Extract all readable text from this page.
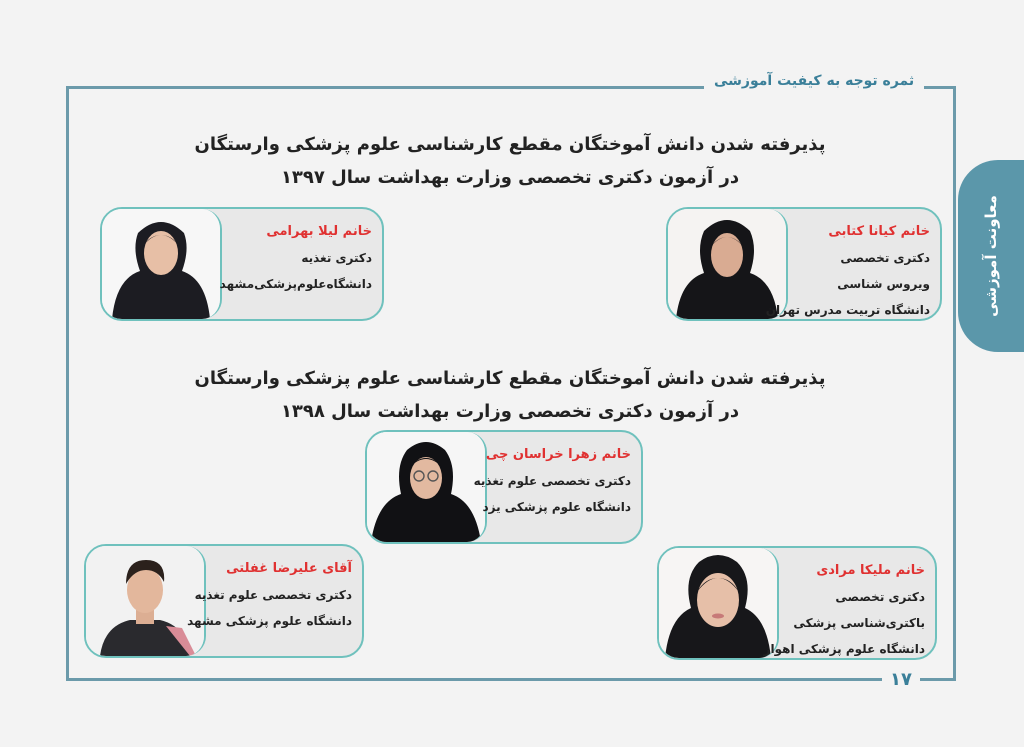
ثمره توجه به کیفیت آموزشی
۱۷
معاونت آموزشی
پذیرفته شدن دانش آموختگان مقطع کارشناسی علوم پزشکی وارستگان
در آزمون دکتری تخصصی وزارت بهداشت سال ۱۳۹۷
پذیرفته شدن دانش آموختگان مقطع کارشناسی علوم پزشکی وارستگان
در آزمون دکتری تخصصی وزارت بهداشت سال ۱۳۹۸
خانم لیلا بهرامی
دکتری تغذیه
دانشگاه‌علوم‌پزشکی‌مشهد
خانم کیانا کتابی
دکتری تخصصی
ویروس شناسی
دانشگاه تربیت مدرس تهران
خانم زهرا خراسان چی
دکتری تخصصی علوم تغذیه
دانشگاه علوم پزشکی یزد
آقای علیرضا غفلتی
دکتری تخصصی علوم تغذیه
دانشگاه علوم پزشکی مشهد
خانم ملیکا مرادی
دکتری تخصصی
باکتری‌شناسی پزشکی
دانشگاه علوم پزشکی اهواز
